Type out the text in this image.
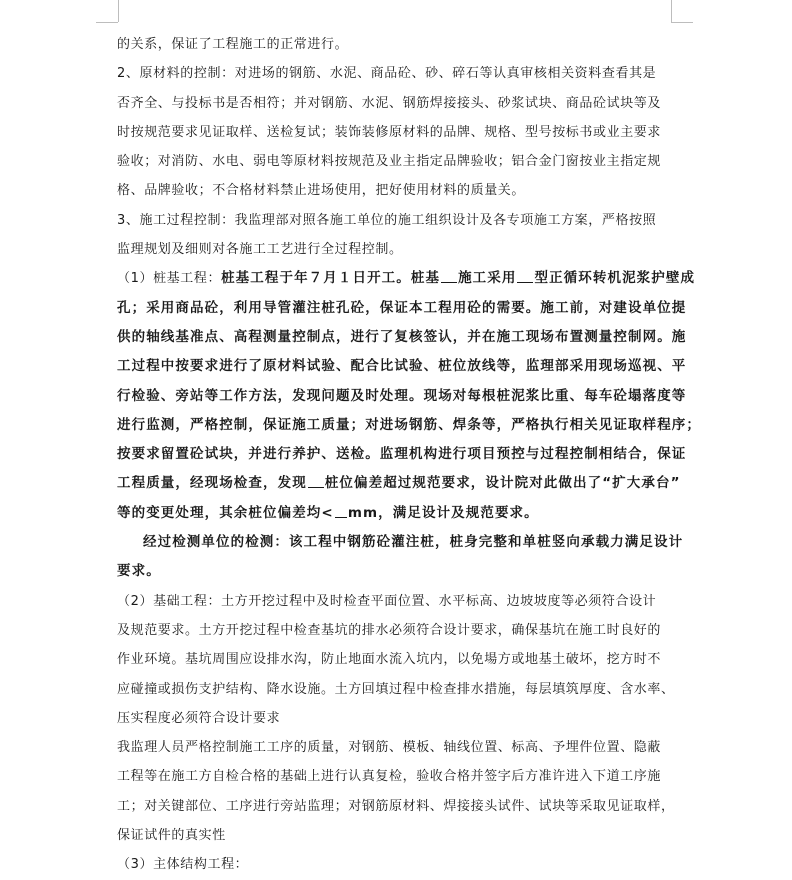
的关系，保证了工程施工的正常进行。
2、原材料的控制：对进场的钢筋、水泥、商品砼、砂、碎石等认真审核相关资料查看其是
否齐全、与投标书是否相符；并对钢筋、水泥、钢筋焊接接头、砂浆试块、商品砼试块等及
时按规范要求见证取样、送检复试；装饰装修原材料的品牌、规格、型号按标书或业主要求
验收；对消防、水电、弱电等原材料按规范及业主指定品牌验收；铝合金门窗按业主指定规
格、品牌验收；不合格材料禁止进场使用，把好使用材料的质量关。
3、施工过程控制：我监理部对照各施工单位的施工组织设计及各专项施工方案，严格按照
监理规划及细则对各施工工艺进行全过程控制。
（1）桩基工程：桩基工程于年７月１日开工。桩基 施工采用 型正循环转机泥浆护壁成
孔；采用商品砼，利用导管灌注桩孔砼，保证本工程用砼的需要。施工前，对建设单位提
供的轴线基准点、高程测量控制点，进行了复核签认，并在施工现场布置测量控制网。施
工过程中按要求进行了原材料试验、配合比试验、桩位放线等，监理部采用现场巡视、平
行检验、旁站等工作方法，发现问题及时处理。现场对每根桩泥浆比重、每车砼塌落度等
进行监测，严格控制，保证施工质量；对进场钢筋、焊条等，严格执行相关见证取样程序；
按要求留置砼试块，并进行养护、送检。监理机构进行项目预控与过程控制相结合，保证
工程质量，经现场检查，发现 桩位偏差超过规范要求，设计院对此做出了“扩大承台”
等的变更处理，其余桩位偏差均< mm，满足设计及规范要求。
经过检测单位的检测：该工程中钢筋砼灌注桩，桩身完整和单桩竖向承载力满足设计
要求。
（2）基础工程：土方开挖过程中及时检查平面位置、水平标高、边坡坡度等必须符合设计
及规范要求。土方开挖过程中检查基坑的排水必须符合设计要求，确保基坑在施工时良好的
作业环境。基坑周围应设排水沟，防止地面水流入坑内，以免場方或地基土破坏，挖方时不
应碰撞或损伤支护结构、降水设施。土方回填过程中检查排水措施，每层填筑厚度、含水率、
压实程度必须符合设计要求
我监理人员严格控制施工工序的质量，对钢筋、模板、轴线位置、标高、予埋件位置、隐蔽
工程等在施工方自检合格的基础上进行认真复检，验收合格并签字后方准许进入下道工序施
工；对关键部位、工序进行旁站监理；对钢筋原材料、焊接接头试件、试块等采取见证取样，
保证试件的真实性
（3）主体结构工程：
